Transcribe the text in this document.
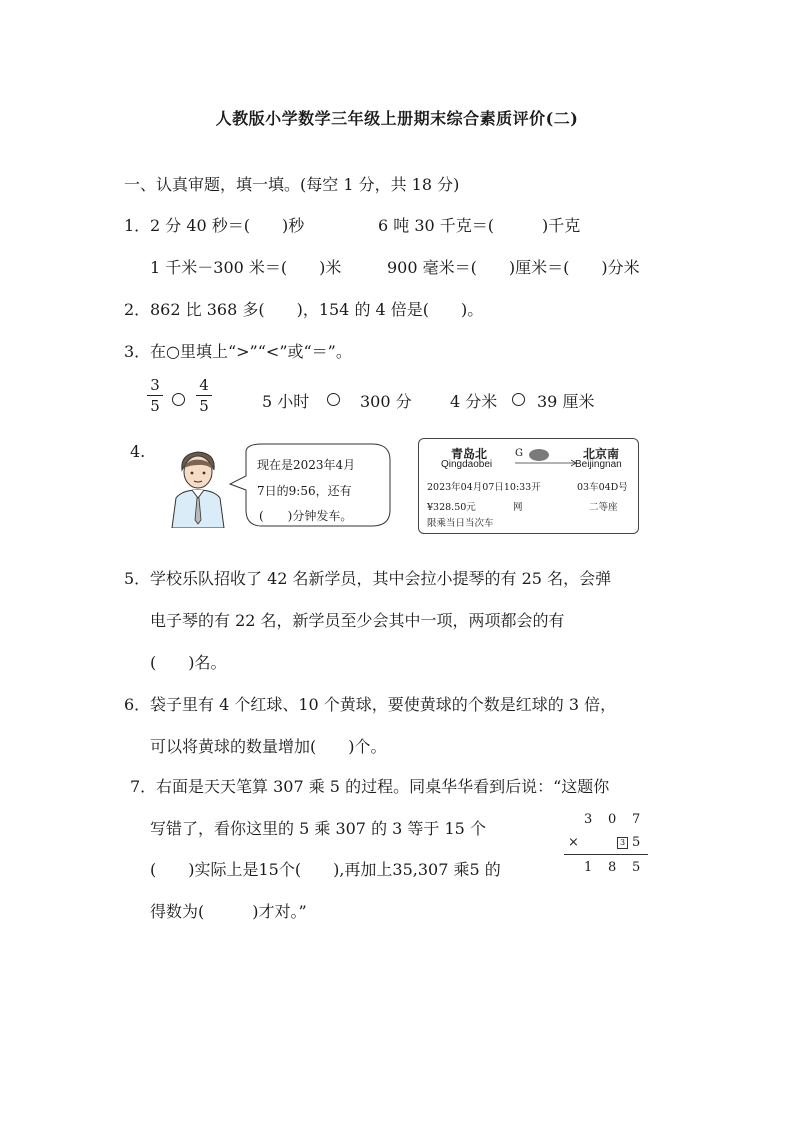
人教版小学数学三年级上册期末综合素质评价(二)
一、认真审题，填一填。(每空 1 分，共 18 分)
1． 2 分 40 秒＝(　　)秒	6 吨 30 千克＝(　　　)千克
1 千米－300 米＝(　　)米	900 毫米＝(　　)厘米＝(　　)分米
2． 862 比 368 多(　　)，154 的 4 倍是(　　)。
3． 在○里填上“>”“<”或“＝”。
3
5
4
5	5 小时	300 分 4 分米 39 厘米
4.
现在是2023年4月
7日的9:56，还有
(　　)分钟发车。
青岛北
Qingdaobei
G	北京南
Beijingnan
2023年04月07日10:33开	03车04D号
¥328.50元	网	二等座
限乘当日当次车
5． 学校乐队招收了 42 名新学员，其中会拉小提琴的有 25 名，会弹
电子琴的有 22 名，新学员至少会其中一项，两项都会的有
(　　)名。
6． 袋子里有 4 个红球、10 个黄球，要使黄球的个数是红球的 3 倍，
可以将黄球的数量增加(　　)个。
7． 右面是天天笔算 307 乘 5 的过程。同桌华华看到后说：“这题你
写错了，看你这里的 5 乘 307 的 3 等于 15 个
(　　)实际上是15个(　　),再加上35,307 乘5 的
得数为(　　　)才对。”
3 0 7
×	3 5
1 8 5
